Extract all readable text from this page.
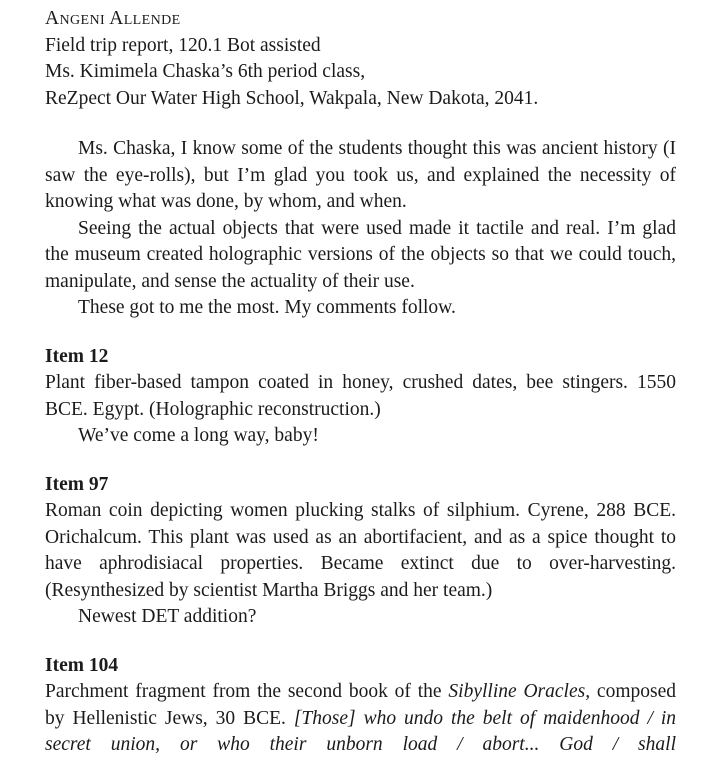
Angeni Allende
Field trip report, 120.1 Bot assisted
Ms. Kimimela Chaska’s 6th period class,
ReZpect Our Water High School, Wakpala, New Dakota, 2041.

Ms. Chaska, I know some of the students thought this was ancient history (I saw the eye-rolls), but I’m glad you took us, and explained the necessity of knowing what was done, by whom, and when.

Seeing the actual objects that were used made it tactile and real. I’m glad the museum created holographic versions of the objects so that we could touch, manipulate, and sense the actuality of their use.

These got to me the most. My comments follow.

Item 12

Plant fiber-based tampon coated in honey, crushed dates, bee stingers. 1550 BCE. Egypt. (Holographic reconstruction.)

We’ve come a long way, baby!

Item 97

Roman coin depicting women plucking stalks of silphium. Cyrene, 288 BCE. Orichalcum. This plant was used as an abortifacient, and as a spice thought to have aphrodisiacal properties. Became extinct due to over-harvesting. (Resynthesized by scientist Martha Briggs and her team.)

Newest DET addition?

Item 104

Parchment fragment from the second book of the Sibylline Oracles, composed by Hellenistic Jews, 30 BCE. [Those] who undo the belt of maidenhood / in secret union, or who their unborn load / abort... God / shall
